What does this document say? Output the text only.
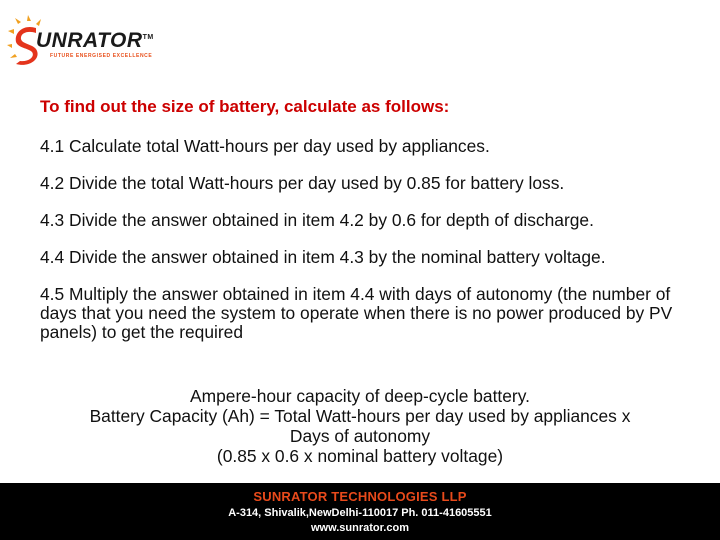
UNRATOR™
FUTURE ENERGISED EXCELLENCE

To find out the size of battery, calculate as follows:

4.1 Calculate total Watt-hours per day used by appliances.

4.2 Divide the total Watt-hours per day used by 0.85 for battery loss.

4.3 Divide the answer obtained in item 4.2 by 0.6 for depth of discharge.

4.4 Divide the answer obtained in item 4.3 by the nominal battery voltage.

4.5 Multiply the answer obtained in item 4.4 with days of autonomy (the number of days that you need the system to operate when there is no power produced by PV panels) to get the required

Ampere-hour capacity of deep-cycle battery.
Battery Capacity (Ah) = Total Watt-hours per day used by appliances x
Days of autonomy
(0.85 x 0.6 x nominal battery voltage)
SUNRATOR TECHNOLOGIES LLP
A-314, Shivalik,NewDelhi-110017 Ph. 011-41605551
www.sunrator.com
